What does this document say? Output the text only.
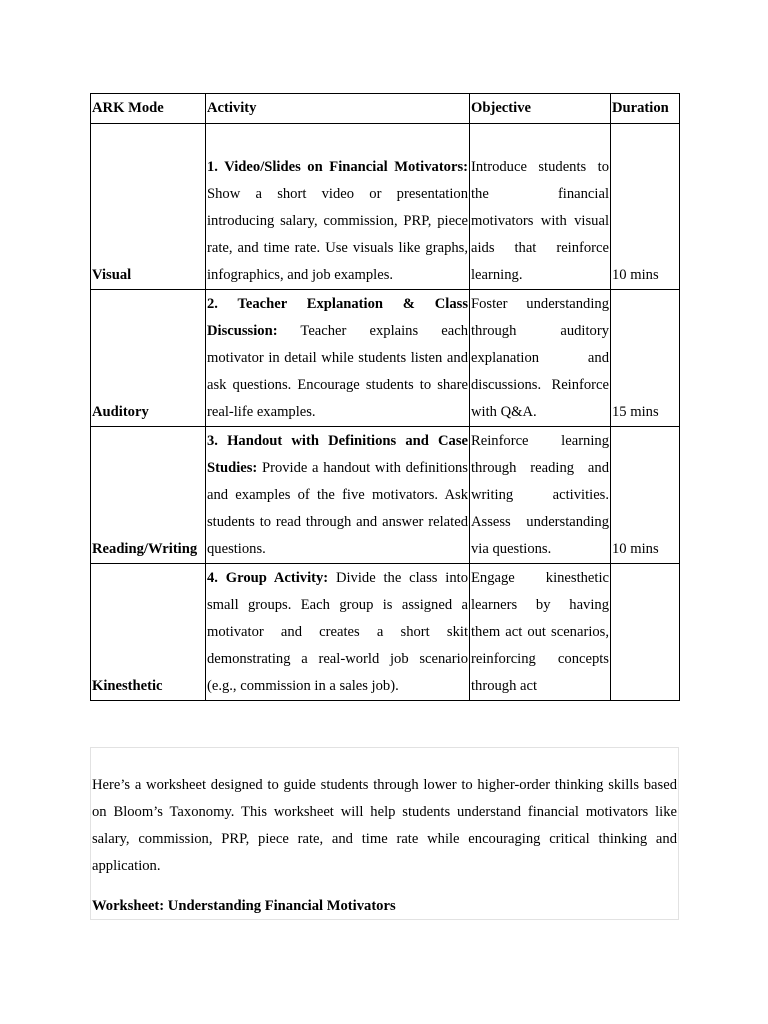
ARK Mode	Activity	Objective	Duration
Visual	1. Video/Slides on Financial Motivators: Show a short video or presentation introducing salary, commission, PRP, piece rate, and time rate. Use visuals like graphs, infographics, and job examples.	Introduce students to the financial motivators with visual aids that reinforce learning.	10 mins
Auditory	2. Teacher Explanation & Class Discussion: Teacher explains each motivator in detail while students listen and ask questions. Encourage students to share real-life examples.	Foster understanding through auditory explanation and discussions. Reinforce with Q&A.	15 mins
Reading/Writing	3. Handout with Definitions and Case Studies: Provide a handout with definitions and examples of the five motivators. Ask students to read through and answer related questions.	Reinforce learning through reading and writing activities. Assess understanding via questions.	10 mins
Kinesthetic	4. Group Activity: Divide the class into small groups. Each group is assigned a motivator and creates a short skit demonstrating a real-world job scenario (e.g., commission in a sales job).	Engage kinesthetic learners by having them act out scenarios, reinforcing concepts through act	

Here’s a worksheet designed to guide students through lower to higher-order thinking skills based on Bloom’s Taxonomy. This worksheet will help students understand financial motivators like salary, commission, PRP, piece rate, and time rate while encouraging critical thinking and application.

Worksheet: Understanding Financial Motivators
